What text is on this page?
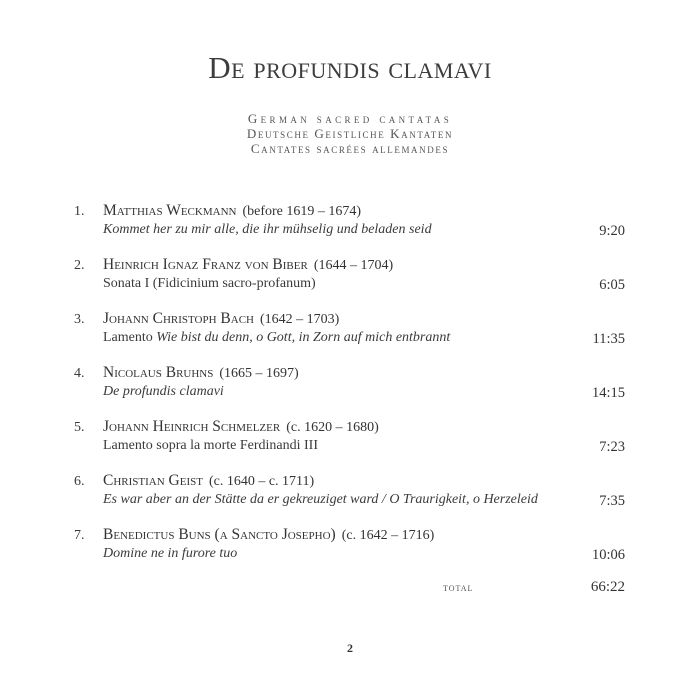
De profundis clamavi
German sacred cantatas
Deutsche Geistliche Kantaten
Cantates sacrées allemandes
1. Matthias Weckmann (before 1619 – 1674)
Kommet her zu mir alle, die ihr mühselig und beladen seid	9:20
2. Heinrich Ignaz Franz von Biber (1644 – 1704)
Sonata I (Fidicinium sacro-profanum)	6:05
3. Johann Christoph Bach (1642 – 1703)
Lamento Wie bist du denn, o Gott, in Zorn auf mich entbrannt	11:35
4. Nicolaus Bruhns (1665 – 1697)
De profundis clamavi	14:15
5. Johann Heinrich Schmelzer (c. 1620 – 1680)
Lamento sopra la morte Ferdinandi III	7:23
6. Christian Geist (c. 1640 – c. 1711)
Es war aber an der Stätte da er gekreuziget ward / O Traurigkeit, o Herzeleid	7:35
7. Benedictus Buns (a Sancto Josepho) (c. 1642 – 1716)
Domine ne in furore tuo	10:06
total	66:22
2
